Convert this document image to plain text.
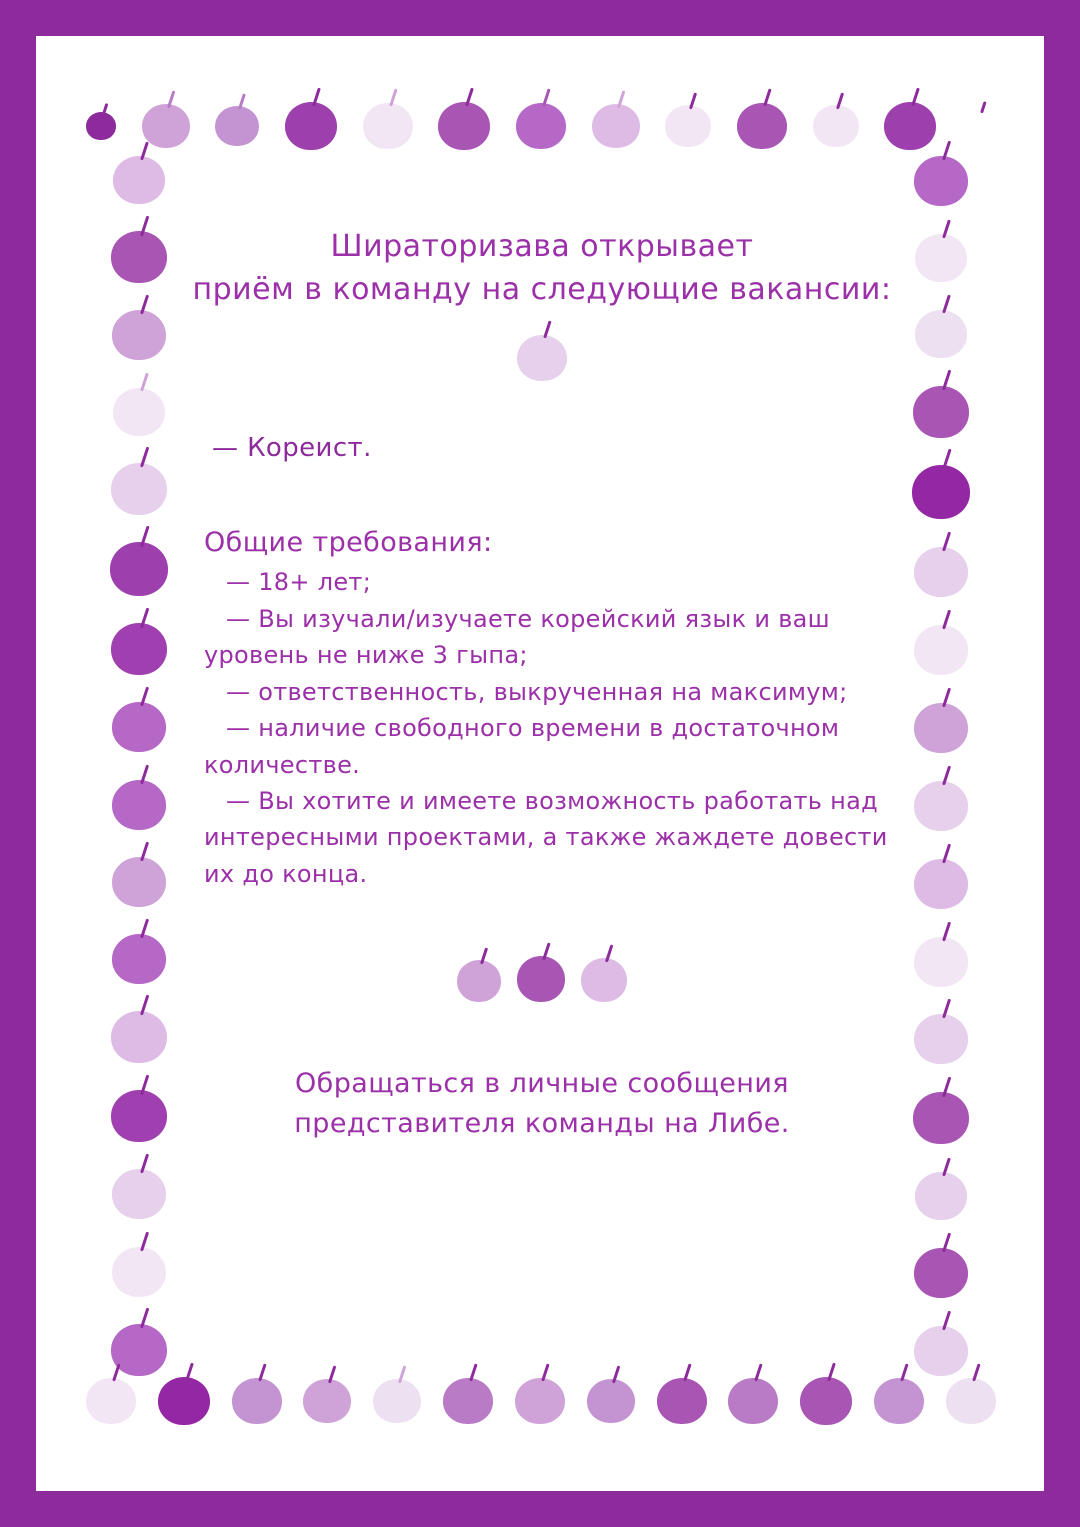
Шираторизава открывает
приём в команду на следующие вакансии:
— Кореист.
Общие требования:
— 18+ лет;
— Вы изучали/изучаете корейский язык и ваш уровень не ниже 3 гыпа;
— ответственность, выкрученная на максимум;
— наличие свободного времени в достаточном количестве.
— Вы хотите и имеете возможность работать над интересными проектами, а также жаждете довести их до конца.
Обращаться в личные сообщения
представителя команды на Либе.
